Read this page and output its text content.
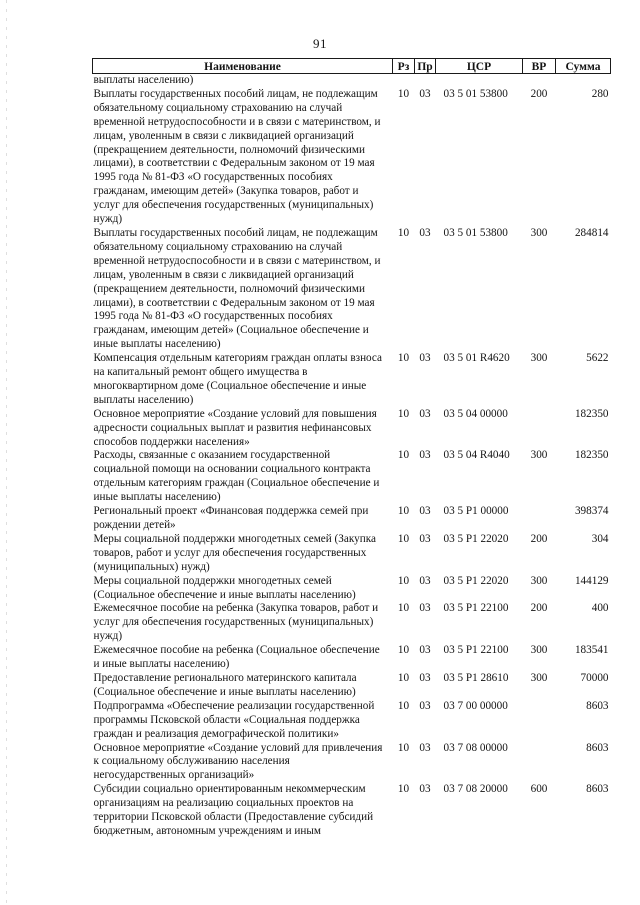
91
Наименование	Рз	Пр	ЦСР	ВР	Сумма
выплаты населению)					
Выплаты государственных пособий лицам, не подлежащим обязательному социальному страхованию на случай временной нетрудоспособности и в связи с материнством, и лицам, уволенным в связи с ликвидацией организаций (прекращением деятельности, полномочий физическими лицами), в соответствии с Федеральным законом от 19 мая 1995 года № 81-ФЗ «О государственных пособиях гражданам, имеющим детей» (Закупка товаров, работ и услуг для обеспечения государственных (муниципальных) нужд)	10	03	03 5 01 53800	200	280
Выплаты государственных пособий лицам, не подлежащим обязательному социальному страхованию на случай временной нетрудоспособности и в связи с материнством, и лицам, уволенным в связи с ликвидацией организаций (прекращением деятельности, полномочий физическими лицами), в соответствии с Федеральным законом от 19 мая 1995 года № 81-ФЗ «О государственных пособиях гражданам, имеющим детей» (Социальное обеспечение и иные выплаты населению)	10	03	03 5 01 53800	300	284814
Компенсация отдельным категориям граждан оплаты взноса на капитальный ремонт общего имущества в многоквартирном доме (Социальное обеспечение и иные выплаты населению)	10	03	03 5 01 R4620	300	5622
Основное мероприятие «Создание условий для повышения адресности социальных выплат и развития нефинансовых способов поддержки населения»	10	03	03 5 04 00000		182350
Расходы, связанные с оказанием государственной социальной помощи на основании социального контракта отдельным категориям граждан (Социальное обеспечение и иные выплаты населению)	10	03	03 5 04 R4040	300	182350
Региональный проект «Финансовая поддержка семей при рождении детей»	10	03	03 5 P1 00000		398374
Меры социальной поддержки многодетных семей (Закупка товаров, работ и услуг для обеспечения государственных (муниципальных) нужд)	10	03	03 5 P1 22020	200	304
Меры социальной поддержки многодетных семей (Социальное обеспечение и иные выплаты населению)	10	03	03 5 P1 22020	300	144129
Ежемесячное пособие на ребенка (Закупка товаров, работ и услуг для обеспечения государственных (муниципальных) нужд)	10	03	03 5 P1 22100	200	400
Ежемесячное пособие на ребенка (Социальное обеспечение и иные выплаты населению)	10	03	03 5 P1 22100	300	183541
Предоставление регионального материнского капитала (Социальное обеспечение и иные выплаты населению)	10	03	03 5 P1 28610	300	70000
Подпрограмма «Обеспечение реализации государственной программы Псковской области «Социальная поддержка граждан и реализация демографической политики»	10	03	03 7 00 00000		8603
Основное мероприятие «Создание условий для привлечения к социальному обслуживанию населения негосударственных организаций»	10	03	03 7 08 00000		8603
Субсидии социально ориентированным некоммерческим организациям на реализацию социальных проектов на территории Псковской области (Предоставление субсидий бюджетным, автономным учреждениям и иным	10	03	03 7 08 20000	600	8603
